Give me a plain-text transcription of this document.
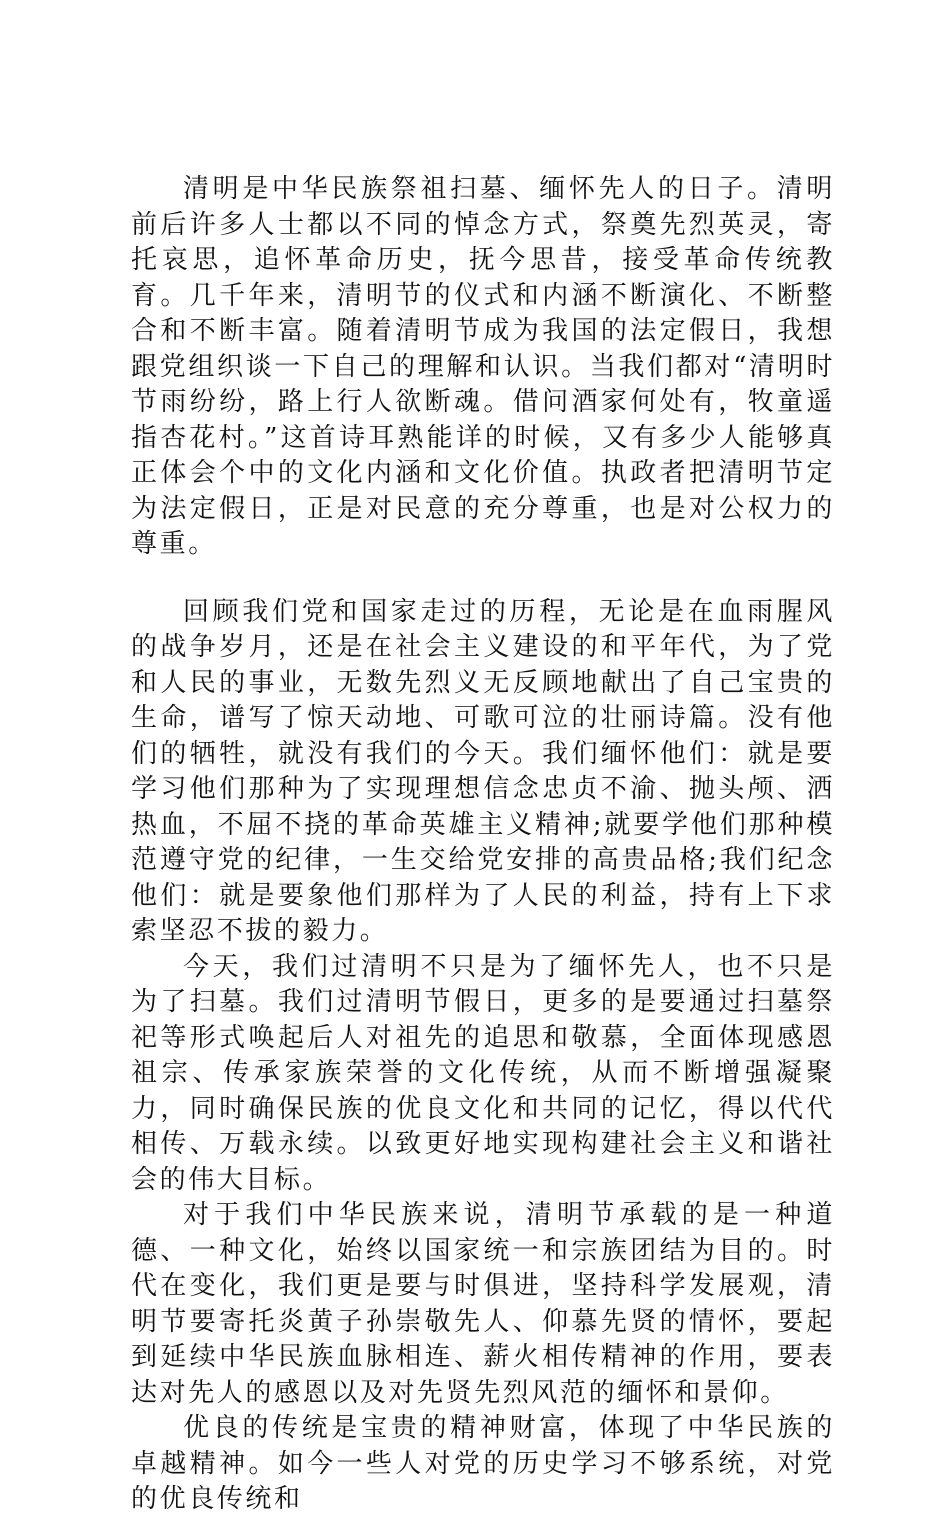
清明是中华民族祭祖扫墓、缅怀先人的日子。清明前后许多人士都以不同的悼念方式，祭奠先烈英灵，寄托哀思，追怀革命历史，抚今思昔，接受革命传统教育。几千年来，清明节的仪式和内涵不断演化、不断整合和不断丰富。随着清明节成为我国的法定假日，我想跟党组织谈一下自己的理解和认识。当我们都对“清明时节雨纷纷，路上行人欲断魂。借问酒家何处有，牧童遥指杏花村。”这首诗耳熟能详的时候，又有多少人能够真正体会个中的文化内涵和文化价值。执政者把清明节定为法定假日，正是对民意的充分尊重，也是对公权力的尊重。

回顾我们党和国家走过的历程，无论是在血雨腥风的战争岁月，还是在社会主义建设的和平年代，为了党和人民的事业，无数先烈义无反顾地献出了自己宝贵的生命，谱写了惊天动地、可歌可泣的壮丽诗篇。没有他们的牺牲，就没有我们的今天。我们缅怀他们：就是要学习他们那种为了实现理想信念忠贞不渝、抛头颅、洒热血，不屈不挠的革命英雄主义精神;就要学他们那种模范遵守党的纪律，一生交给党安排的高贵品格;我们纪念他们：就是要象他们那样为了人民的利益，持有上下求索坚忍不拔的毅力。

今天，我们过清明不只是为了缅怀先人，也不只是为了扫墓。我们过清明节假日，更多的是要通过扫墓祭祀等形式唤起后人对祖先的追思和敬慕，全面体现感恩祖宗、传承家族荣誉的文化传统，从而不断增强凝聚力，同时确保民族的优良文化和共同的记忆，得以代代相传、万载永续。以致更好地实现构建社会主义和谐社会的伟大目标。

对于我们中华民族来说，清明节承载的是一种道德、一种文化，始终以国家统一和宗族团结为目的。时代在变化，我们更是要与时俱进，坚持科学发展观，清明节要寄托炎黄子孙崇敬先人、仰慕先贤的情怀，要起到延续中华民族血脉相连、薪火相传精神的作用，要表达对先人的感恩以及对先贤先烈风范的缅怀和景仰。

优良的传统是宝贵的精神财富，体现了中华民族的卓越精神。如今一些人对党的历史学习不够系统，对党的优良传统和
